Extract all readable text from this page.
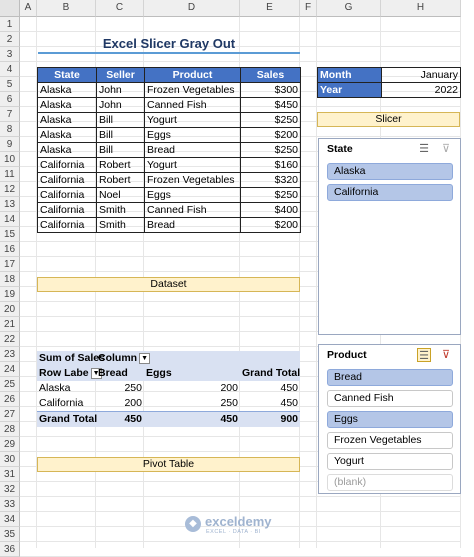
A	B	C	D	E	F	G	H
1
2
3
4
5
6
7
8
9
10
11
12
13
14
15
16
17
18
19
20
21
22
23
24
25
26
27
28
29
30
31
32
33
34
35
36
Excel Slicer Gray Out
State	Seller	Product	Sales
Alaska	John	Frozen Vegetables	$300
Alaska	John	Canned Fish	$450
Alaska	Bill	Yogurt	$250
Alaska	Bill	Eggs	$200
Alaska	Bill	Bread	$250
California	Robert	Yogurt	$160
California	Robert	Frozen Vegetables	$320
California	Noel	Eggs	$250
California	Smith	Canned Fish	$400
California	Smith	Bread	$200
Month	January
Year	2022
Slicer
Dataset
Pivot Table
State	☰ ⊽
Alaska
California
Sum of Sales	Column ▼		
Row Labe ▼	Bread	Eggs	Grand Total
Alaska	250	200	450
California	200	250	450
Grand Total	450	450	900
Product	☰ ⊽
Bread
Canned Fish
Eggs
Frozen Vegetables
Yogurt
(blank)
◆ exceldemy
EXCEL · DATA · BI
